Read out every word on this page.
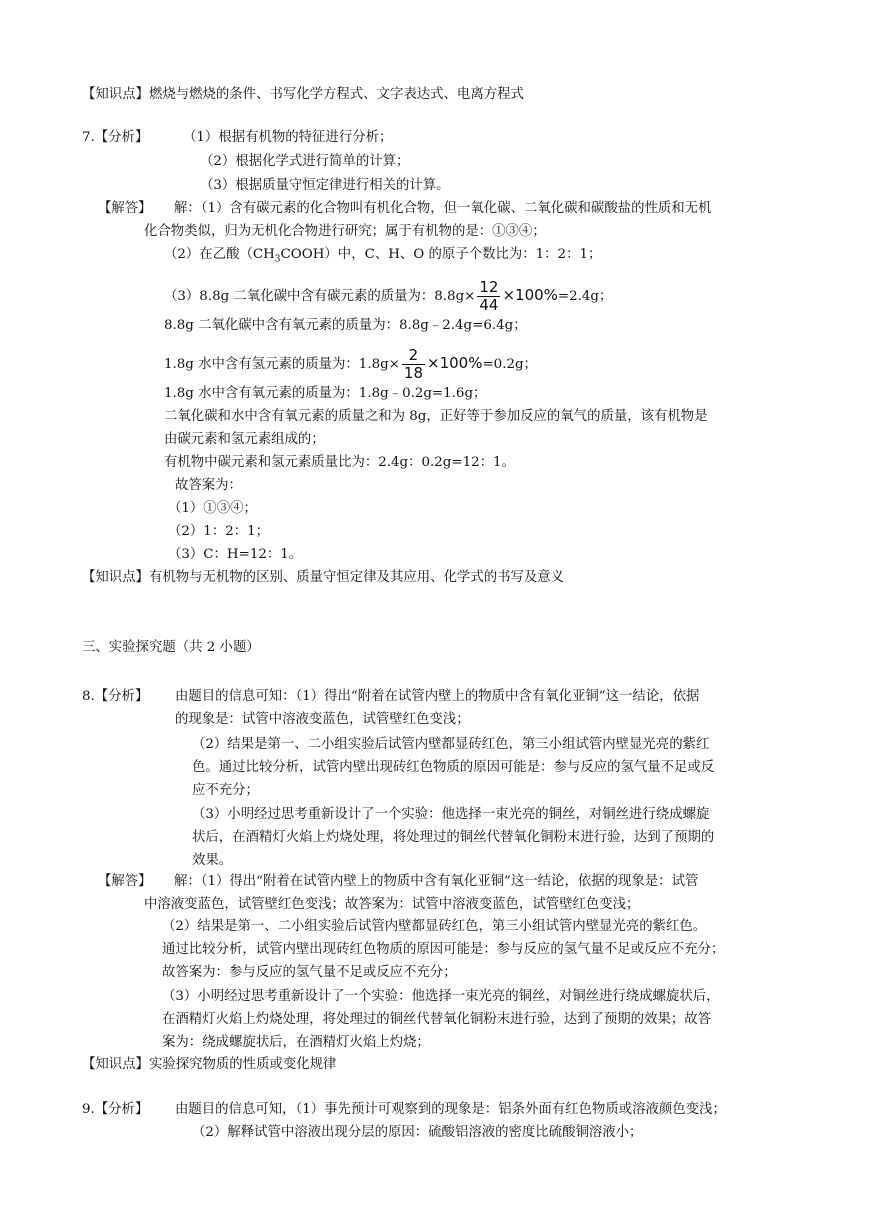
【知识点】燃烧与燃烧的条件、书写化学方程式、文字表达式、电离方程式
7.【分析】	（1）根据有机物的特征进行分析；
（2）根据化学式进行简单的计算；
（3）根据质量守恒定律进行相关的计算。
【解答】 解：（1）含有碳元素的化合物叫有机化合物，但一氧化碳、二氧化碳和碳酸盐的性质和无机
化合物类似，归为无机化合物进行研究；属于有机物的是：①③④；
（2）在乙酸$(CH_3COOH)$中，C、H、O 的原子个数比为：1：2：1；
（3）8.8g 二氧化碳中含有碳元素的质量为：$8.8g\times \frac{12}{44} \times 100\%=2.4g$；
8.8g 二氧化碳中含有氧元素的质量为：8.8g﹣2.4g=6.4g；
1.8g 水中含有氢元素的质量为：$1.8g\times \frac{2}{18} \times 100\%=0.2g$；
1.8g 水中含有氧元素的质量为：1.8g﹣0.2g=1.6g；
二氧化碳和水中含有氧元素的质量之和为 8g，正好等于参加反应的氧气的质量，该有机物是
由碳元素和氢元素组成的；
有机物中碳元素和氢元素质量比为：2.4g：0.2g=12：1。
故答案为：
（1）①③④；
（2）1：2：1；
（3）C：H=12：1。
【知识点】有机物与无机物的区别、质量守恒定律及其应用、化学式的书写及意义
三、实验探究题（共 2 小题）
8.【分析】 由题目的信息可知：（1）得出“附着在试管内壁上的物质中含有氧化亚铜”这一结论，依据
的现象是：试管中溶液变蓝色，试管壁红色变浅；
（2）结果是第一、二小组实验后试管内壁都显砖红色，第三小组试管内壁显光亮的紫红
色。通过比较分析，试管内壁出现砖红色物质的原因可能是：参与反应的氢气量不足或反
应不充分；
（3）小明经过思考重新设计了一个实验：他选择一束光亮的铜丝，对铜丝进行绕成螺旋
状后，在酒精灯火焰上灼烧处理，将处理过的铜丝代替氧化铜粉末进行验，达到了预期的
效果。
【解答】 解：（1）得出“附着在试管内壁上的物质中含有氧化亚铜”这一结论，依据的现象是：试管
中溶液变蓝色，试管壁红色变浅；故答案为：试管中溶液变蓝色，试管壁红色变浅；
（2）结果是第一、二小组实验后试管内壁都显砖红色，第三小组试管内壁显光亮的紫红色。
通过比较分析，试管内壁出现砖红色物质的原因可能是：参与反应的氢气量不足或反应不充分；
故答案为：参与反应的氢气量不足或反应不充分；
（3）小明经过思考重新设计了一个实验：他选择一束光亮的铜丝，对铜丝进行绕成螺旋状后，
在酒精灯火焰上灼烧处理，将处理过的铜丝代替氧化铜粉末进行验，达到了预期的效果；故答
案为：绕成螺旋状后，在酒精灯火焰上灼烧；
【知识点】实验探究物质的性质或变化规律
9.【分析】 由题目的信息可知，（1）事先预计可观察到的现象是：铝条外面有红色物质或溶液颜色变浅；
（2）解释试管中溶液出现分层的原因：硫酸铝溶液的密度比硫酸铜溶液小；
